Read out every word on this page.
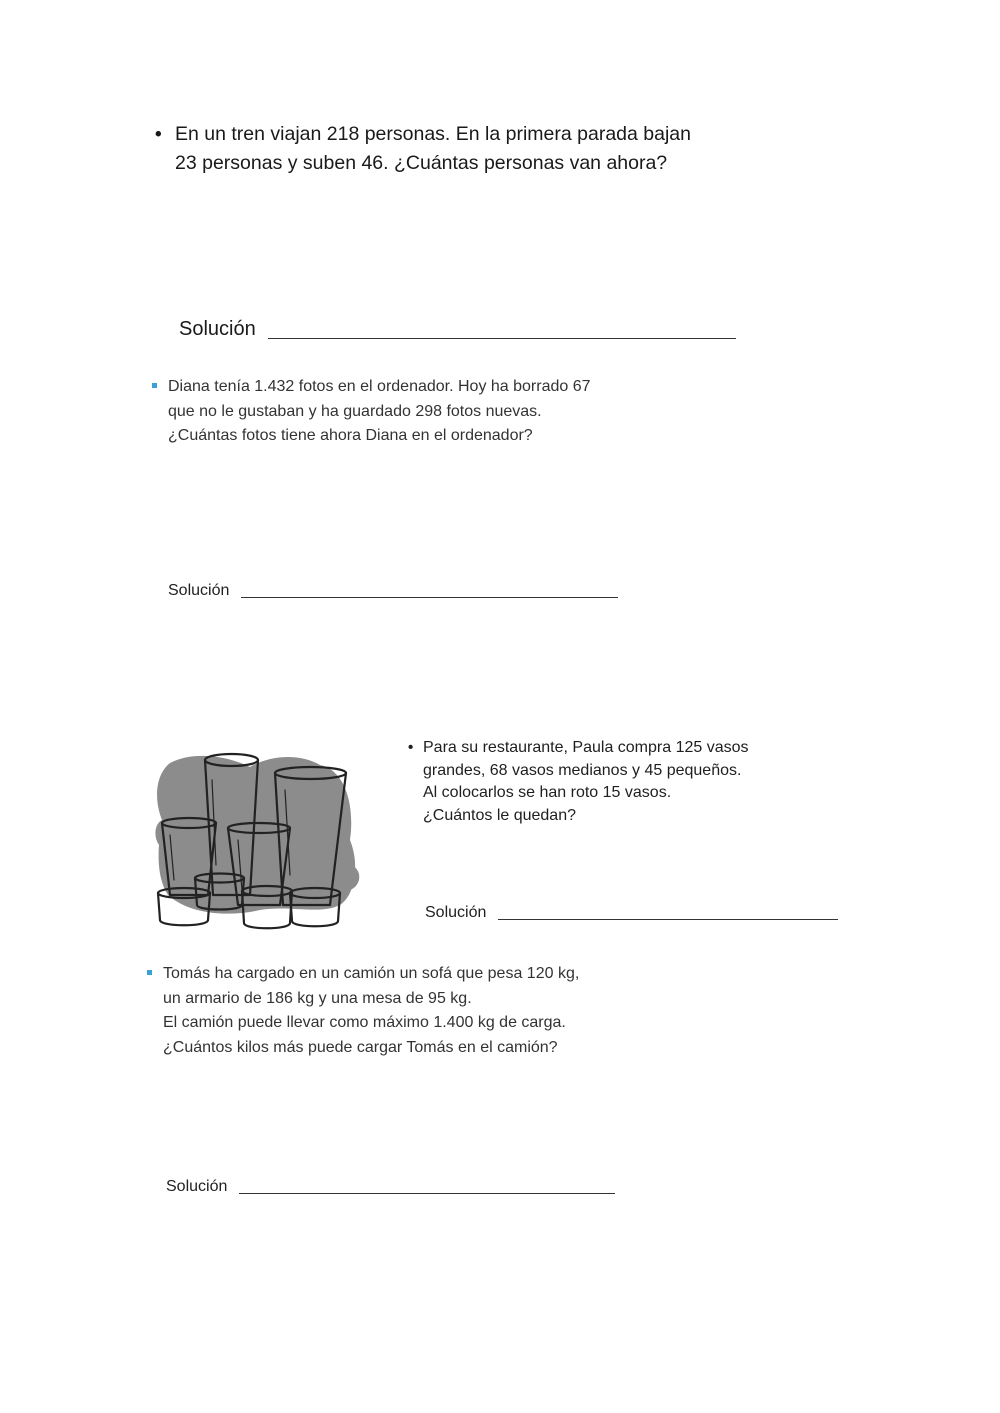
• En un tren viajan 218 personas. En la primera parada bajan
23 personas y suben 46. ¿Cuántas personas van ahora?
Solución
Diana tenía 1.432 fotos en el ordenador. Hoy ha borrado 67
que no le gustaban y ha guardado 298 fotos nuevas.
¿Cuántas fotos tiene ahora Diana en el ordenador?
Solución
• Para su restaurante, Paula compra 125 vasos
grandes, 68 vasos medianos y 45 pequeños.
Al colocarlos se han roto 15 vasos.
¿Cuántos le quedan?
Solución
Tomás ha cargado en un camión un sofá que pesa 120 kg,
un armario de 186 kg y una mesa de 95 kg.
El camión puede llevar como máximo 1.400 kg de carga.
¿Cuántos kilos más puede cargar Tomás en el camión?
Solución
